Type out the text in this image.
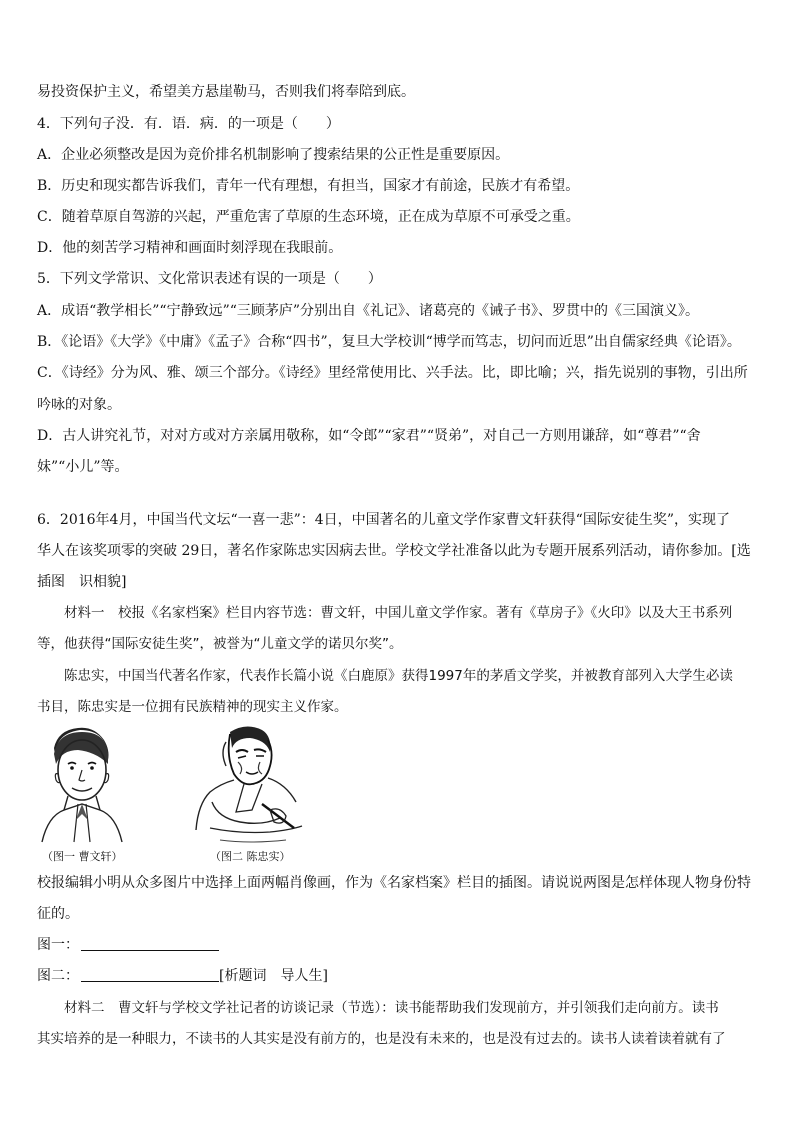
易投资保护主义，希望美方悬崖勒马，否则我们将奉陪到底。
4．下列句子没．有．语．病．的一项是（　　）
A．企业必须整改是因为竞价排名机制影响了搜索结果的公正性是重要原因。
B．历史和现实都告诉我们，青年一代有理想，有担当，国家才有前途，民族才有希望。
C．随着草原自驾游的兴起，严重危害了草原的生态环境，正在成为草原不可承受之重。
D．他的刻苦学习精神和画面时刻浮现在我眼前。
5．下列文学常识、文化常识表述有误的一项是（　　）
A．成语“教学相长”“宁静致远”“三顾茅庐”分别出自《礼记》、诸葛亮的《诫子书》、罗贯中的《三国演义》。
B．《论语》《大学》《中庸》《孟子》合称“四书”，复旦大学校训“博学而笃志，切问而近思”出自儒家经典《论语》。
C．《诗经》分为风、雅、颂三个部分。《诗经》里经常使用比、兴手法。比，即比喻；兴，指先说别的事物，引出所
吟咏的对象。
D．古人讲究礼节，对对方或对方亲属用敬称，如“令郎”“家君”“贤弟”，对自己一方则用谦辞，如“尊君”“舍
妹”“小儿”等。
6．2016年4月，中国当代文坛“一喜一悲”：4日，中国著名的儿童文学作家曹文轩获得“国际安徒生奖”，实现了
华人在该奖项零的突破 29日，著名作家陈忠实因病去世。学校文学社准备以此为专题开展系列活动，请你参加。[选
插图　识相貌]
材料一　校报《名家档案》栏目内容节选：曹文轩，中国儿童文学作家。著有《草房子》《火印》以及大王书系列
等，他获得“国际安徒生奖”，被誉为“儿童文学的诺贝尔奖”。
陈忠实，中国当代著名作家，代表作长篇小说《白鹿原》获得1997年的茅盾文学奖，并被教育部列入大学生必读
书目，陈忠实是一位拥有民族精神的现实主义作家。
（图一 曹文轩）	（图二 陈忠实）
校报编辑小明从众多图片中选择上面两幅肖像画，作为《名家档案》栏目的插图。请说说两图是怎样体现人物身份特
征的。
图一：
图二：	[析题词　导人生]
材料二　曹文轩与学校文学社记者的访谈记录（节选）：读书能帮助我们发现前方，并引领我们走向前方。读书
其实培养的是一种眼力，不读书的人其实是没有前方的，也是没有未来的，也是没有过去的。读书人读着读着就有了
